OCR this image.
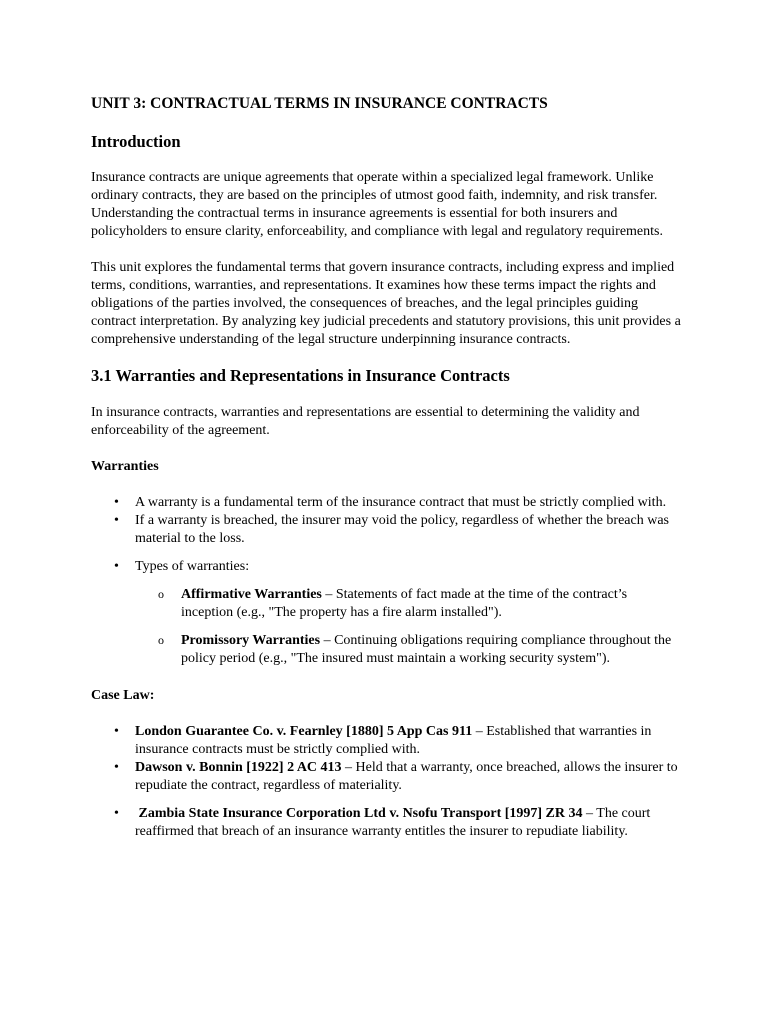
UNIT 3: CONTRACTUAL TERMS IN INSURANCE CONTRACTS
Introduction

Insurance contracts are unique agreements that operate within a specialized legal framework. Unlike ordinary contracts, they are based on the principles of utmost good faith, indemnity, and risk transfer. Understanding the contractual terms in insurance agreements is essential for both insurers and policyholders to ensure clarity, enforceability, and compliance with legal and regulatory requirements.

This unit explores the fundamental terms that govern insurance contracts, including express and implied terms, conditions, warranties, and representations. It examines how these terms impact the rights and obligations of the parties involved, the consequences of breaches, and the legal principles guiding contract interpretation. By analyzing key judicial precedents and statutory provisions, this unit provides a comprehensive understanding of the legal structure underpinning insurance contracts.

3.1 Warranties and Representations in Insurance Contracts

In insurance contracts, warranties and representations are essential to determining the validity and enforceability of the agreement.

Warranties

• A warranty is a fundamental term of the insurance contract that must be strictly complied with.
• If a warranty is breached, the insurer may void the policy, regardless of whether the breach was material to the loss.
• Types of warranties:
o Affirmative Warranties – Statements of fact made at the time of the contract’s inception (e.g., "The property has a fire alarm installed").
o Promissory Warranties – Continuing obligations requiring compliance throughout the policy period (e.g., "The insured must maintain a working security system").

Case Law:

• London Guarantee Co. v. Fearnley [1880] 5 App Cas 911 – Established that warranties in insurance contracts must be strictly complied with.
• Dawson v. Bonnin [1922] 2 AC 413 – Held that a warranty, once breached, allows the insurer to repudiate the contract, regardless of materiality.
•  Zambia State Insurance Corporation Ltd v. Nsofu Transport [1997] ZR 34 – The court reaffirmed that breach of an insurance warranty entitles the insurer to repudiate liability.
